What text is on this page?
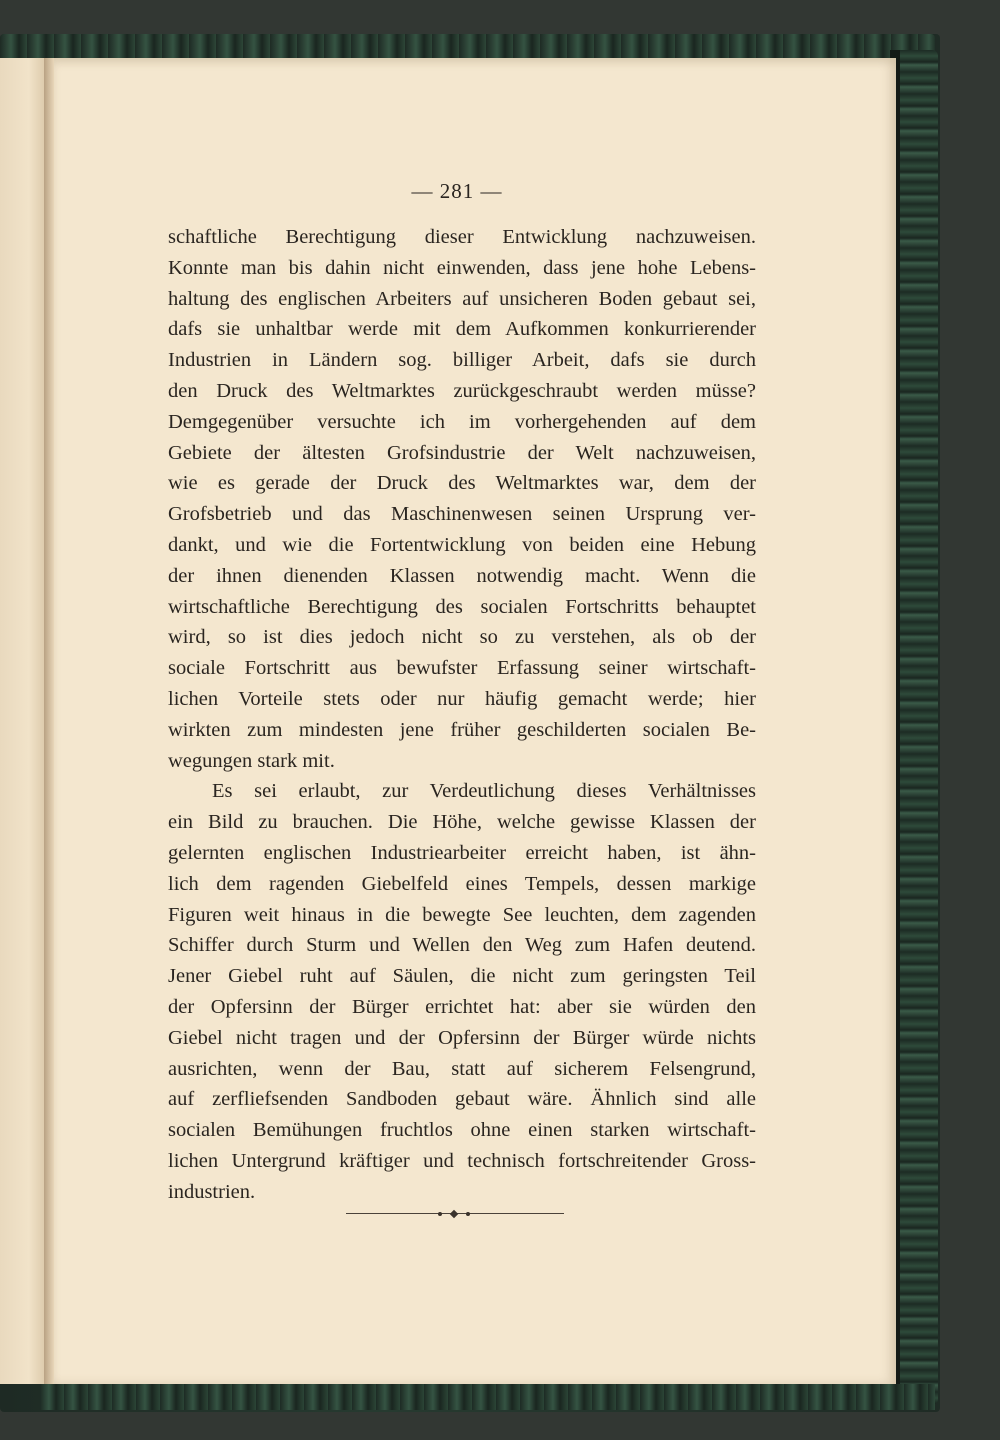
— 281 —
schaftliche Berechtigung dieser Entwicklung nachzuweisen.
Konnte man bis dahin nicht einwenden, dass jene hohe Lebens-
haltung des englischen Arbeiters auf unsicheren Boden gebaut sei,
dafs sie unhaltbar werde mit dem Aufkommen konkurrierender
Industrien in Ländern sog. billiger Arbeit, dafs sie durch
den Druck des Weltmarktes zurückgeschraubt werden müsse?
Demgegenüber versuchte ich im vorhergehenden auf dem
Gebiete der ältesten Grofsindustrie der Welt nachzuweisen,
wie es gerade der Druck des Weltmarktes war, dem der
Grofsbetrieb und das Maschinenwesen seinen Ursprung ver-
dankt, und wie die Fortentwicklung von beiden eine Hebung
der ihnen dienenden Klassen notwendig macht. Wenn die
wirtschaftliche Berechtigung des socialen Fortschritts behauptet
wird, so ist dies jedoch nicht so zu verstehen, als ob der
sociale Fortschritt aus bewufster Erfassung seiner wirtschaft-
lichen Vorteile stets oder nur häufig gemacht werde; hier
wirkten zum mindesten jene früher geschilderten socialen Be-
wegungen stark mit.
Es sei erlaubt, zur Verdeutlichung dieses Verhältnisses
ein Bild zu brauchen. Die Höhe, welche gewisse Klassen der
gelernten englischen Industriearbeiter erreicht haben, ist ähn-
lich dem ragenden Giebelfeld eines Tempels, dessen markige
Figuren weit hinaus in die bewegte See leuchten, dem zagenden
Schiffer durch Sturm und Wellen den Weg zum Hafen deutend.
Jener Giebel ruht auf Säulen, die nicht zum geringsten Teil
der Opfersinn der Bürger errichtet hat: aber sie würden den
Giebel nicht tragen und der Opfersinn der Bürger würde nichts
ausrichten, wenn der Bau, statt auf sicherem Felsengrund,
auf zerfliefsenden Sandboden gebaut wäre. Ähnlich sind alle
socialen Bemühungen fruchtlos ohne einen starken wirtschaft-
lichen Untergrund kräftiger und technisch fortschreitender Gross-
industrien.
